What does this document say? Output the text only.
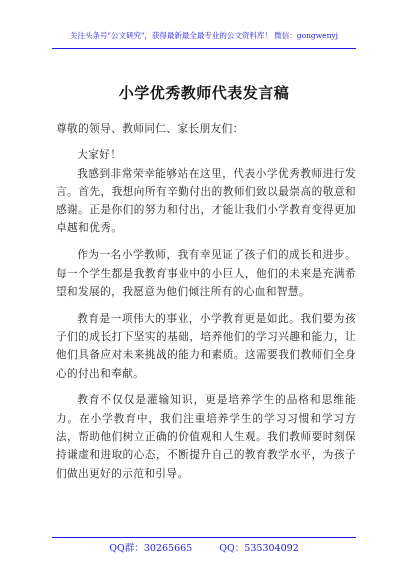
关注头条号"公文研究"，获得最新最全最专业的公文资料库！ 微信：gongwenyj
小学优秀教师代表发言稿

尊敬的领导、教师同仁、家长朋友们：

大家好！

我感到非常荣幸能够站在这里，代表小学优秀教师进行发言。首先，我想向所有辛勤付出的教师们致以最崇高的敬意和感谢。正是你们的努力和付出，才能让我们小学教育变得更加卓越和优秀。

作为一名小学教师，我有幸见证了孩子们的成长和进步。每一个学生都是我教育事业中的小巨人，他们的未来是充满希望和发展的，我愿意为他们倾注所有的心血和智慧。

教育是一项伟大的事业，小学教育更是如此。我们要为孩子们的成长打下坚实的基础，培养他们的学习兴趣和能力，让他们具备应对未来挑战的能力和素质。这需要我们教师们全身心的付出和奉献。

教育不仅仅是灌输知识，更是培养学生的品格和思维能力。在小学教育中，我们注重培养学生的学习习惯和学习方法，帮助他们树立正确的价值观和人生观。我们教师要时刻保持谦虚和进取的心态，不断提升自己的教育教学水平，为孩子们做出更好的示范和引导。

QQ群：30265665	QQ：535304092
